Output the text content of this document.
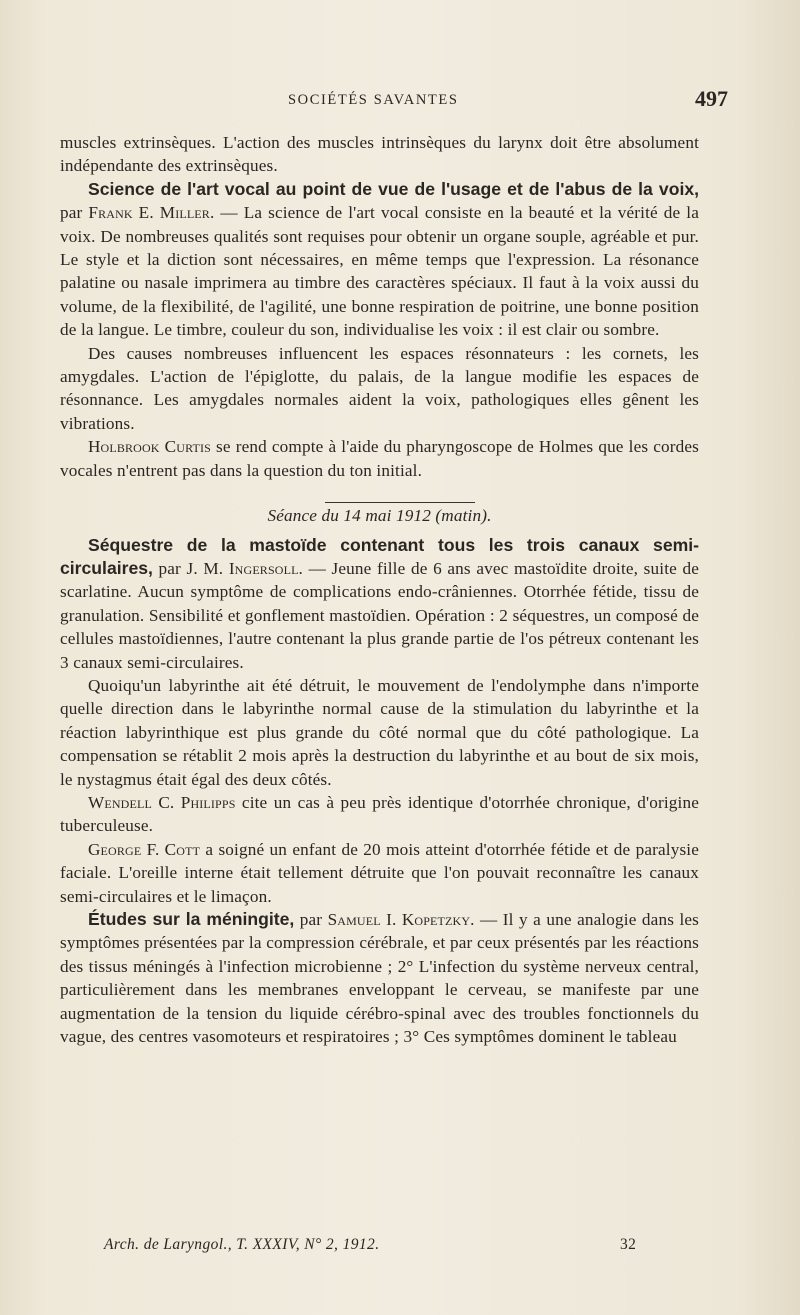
SOCIÉTÉS SAVANTES	497

muscles extrinsèques. L'action des muscles intrinsèques du larynx doit être absolument indépendante des extrinsèques.

Science de l'art vocal au point de vue de l'usage et de l'abus de la voix, par Frank E. Miller. — La science de l'art vocal consiste en la beauté et la vérité de la voix. De nombreuses qualités sont requises pour obtenir un organe souple, agréable et pur. Le style et la diction sont nécessaires, en même temps que l'expression. La résonance palatine ou nasale imprimera au timbre des caractères spéciaux. Il faut à la voix aussi du volume, de la flexibilité, de l'agilité, une bonne respiration de poitrine, une bonne position de la langue. Le timbre, couleur du son, individualise les voix : il est clair ou sombre.

Des causes nombreuses influencent les espaces résonnateurs : les cornets, les amygdales. L'action de l'épiglotte, du palais, de la langue modifie les espaces de résonnance. Les amygdales normales aident la voix, pathologiques elles gênent les vibrations.

Holbrook Curtis se rend compte à l'aide du pharyngoscope de Holmes que les cordes vocales n'entrent pas dans la question du ton initial.

Séance du 14 mai 1912 (matin).

Séquestre de la mastoïde contenant tous les trois canaux semi-circulaires, par J. M. Ingersoll. — Jeune fille de 6 ans avec mastoïdite droite, suite de scarlatine. Aucun symptôme de complications endo-crâniennes. Otorrhée fétide, tissu de granulation. Sensibilité et gonflement mastoïdien. Opération : 2 séquestres, un composé de cellules mastoïdiennes, l'autre contenant la plus grande partie de l'os pétreux contenant les 3 canaux semi-circulaires.

Quoiqu'un labyrinthe ait été détruit, le mouvement de l'endolymphe dans n'importe quelle direction dans le labyrinthe normal cause de la stimulation du labyrinthe et la réaction labyrinthique est plus grande du côté normal que du côté pathologique. La compensation se rétablit 2 mois après la destruction du labyrinthe et au bout de six mois, le nystagmus était égal des deux côtés.

Wendell C. Philipps cite un cas à peu près identique d'otorrhée chronique, d'origine tuberculeuse.

George F. Cott a soigné un enfant de 20 mois atteint d'otorrhée fétide et de paralysie faciale. L'oreille interne était tellement détruite que l'on pouvait reconnaître les canaux semi-circulaires et le limaçon.

Études sur la méningite, par Samuel I. Kopetzky. — Il y a une analogie dans les symptômes présentées par la compression cérébrale, et par ceux présentés par les réactions des tissus méningés à l'infection microbienne ; 2° L'infection du système nerveux central, particulièrement dans les membranes enveloppant le cerveau, se manifeste par une augmentation de la tension du liquide cérébro-spinal avec des troubles fonctionnels du vague, des centres vasomoteurs et respiratoires ; 3° Ces symptômes dominent le tableau

Arch. de Laryngol., T. XXXIV, N° 2, 1912.	32
